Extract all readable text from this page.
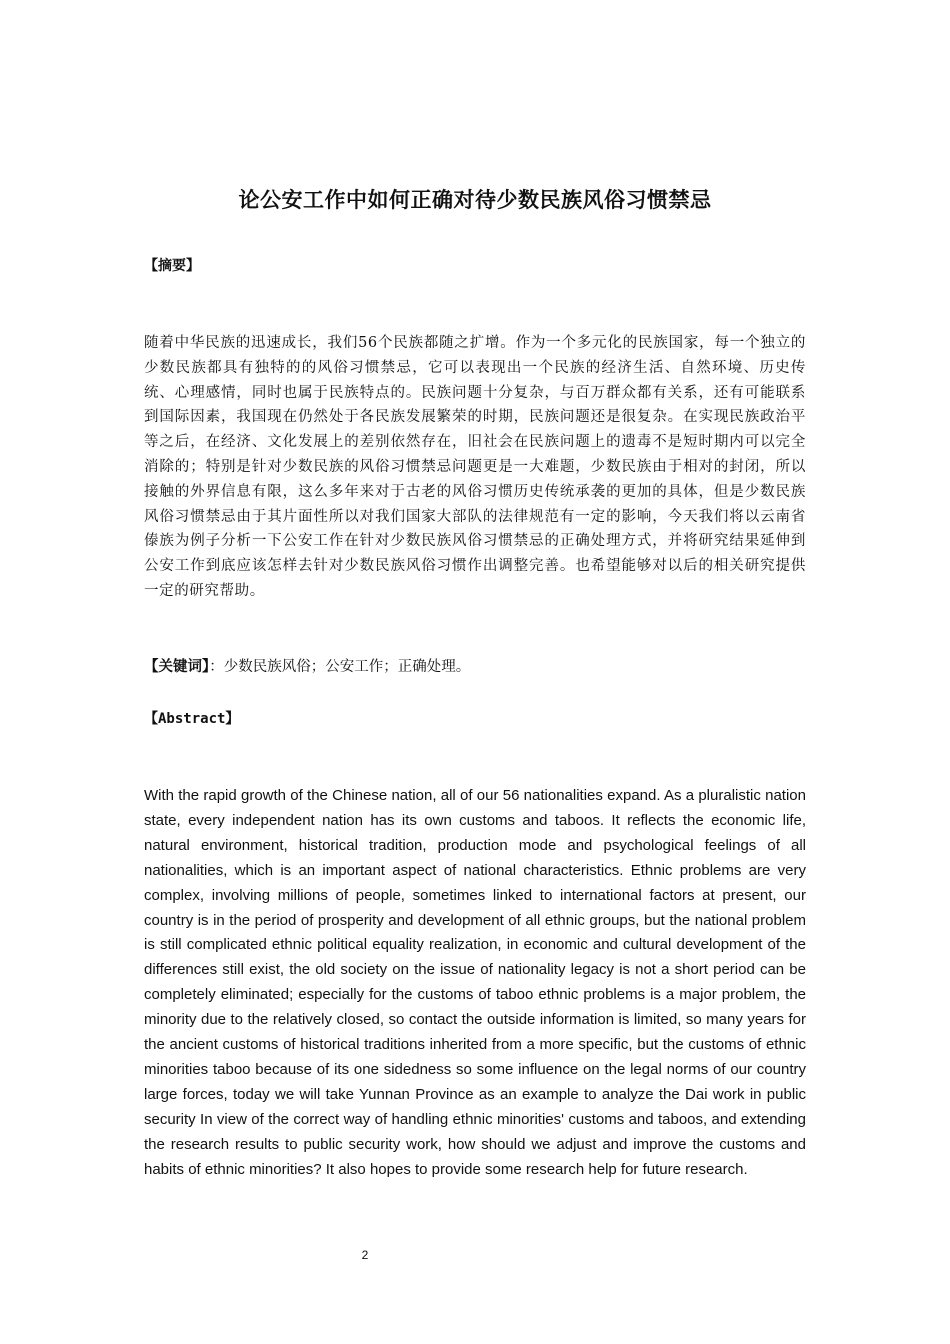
论公安工作中如何正确对待少数民族风俗习惯禁忌

【摘要】

随着中华民族的迅速成长，我们56个民族都随之扩增。作为一个多元化的民族国家，每一个独立的少数民族都具有独特的的风俗习惯禁忌，它可以表现出一个民族的经济生活、自然环境、历史传统、心理感情，同时也属于民族特点的。民族问题十分复杂，与百万群众都有关系，还有可能联系到国际因素，我国现在仍然处于各民族发展繁荣的时期，民族问题还是很复杂。在实现民族政治平等之后，在经济、文化发展上的差别依然存在，旧社会在民族问题上的遗毒不是短时期内可以完全消除的；特别是针对少数民族的风俗习惯禁忌问题更是一大难题，少数民族由于相对的封闭，所以接触的外界信息有限，这么多年来对于古老的风俗习惯历史传统承袭的更加的具体，但是少数民族风俗习惯禁忌由于其片面性所以对我们国家大部队的法律规范有一定的影响，今天我们将以云南省傣族为例子分析一下公安工作在针对少数民族风俗习惯禁忌的正确处理方式，并将研究结果延伸到公安工作到底应该怎样去针对少数民族风俗习惯作出调整完善。也希望能够对以后的相关研究提供一定的研究帮助。

【关键词】：少数民族风俗；公安工作；正确处理。

【Abstract】

With the rapid growth of the Chinese nation, all of our 56 nationalities expand. As a pluralistic nation state, every independent nation has its own customs and taboos. It reflects the economic life, natural environment, historical tradition, production mode and psychological feelings of all nationalities, which is an important aspect of national characteristics. Ethnic problems are very complex, involving millions of people, sometimes linked to international factors at present, our country is in the period of prosperity and development of all ethnic groups, but the national problem is still complicated ethnic political equality realization, in economic and cultural development of the differences still exist, the old society on the issue of nationality legacy is not a short period can be completely eliminated; especially for the customs of taboo ethnic problems is a major problem, the minority due to the relatively closed, so contact the outside information is limited, so many years for the ancient customs of historical traditions inherited from a more specific, but the customs of ethnic minorities taboo because of its one sidedness so some influence on the legal norms of our country large forces, today we will take Yunnan Province as an example to analyze the Dai work in public security In view of the correct way of handling ethnic minorities' customs and taboos, and extending the research results to public security work, how should we adjust and improve the customs and habits of ethnic minorities? It also hopes to provide some research help for future research.

2
